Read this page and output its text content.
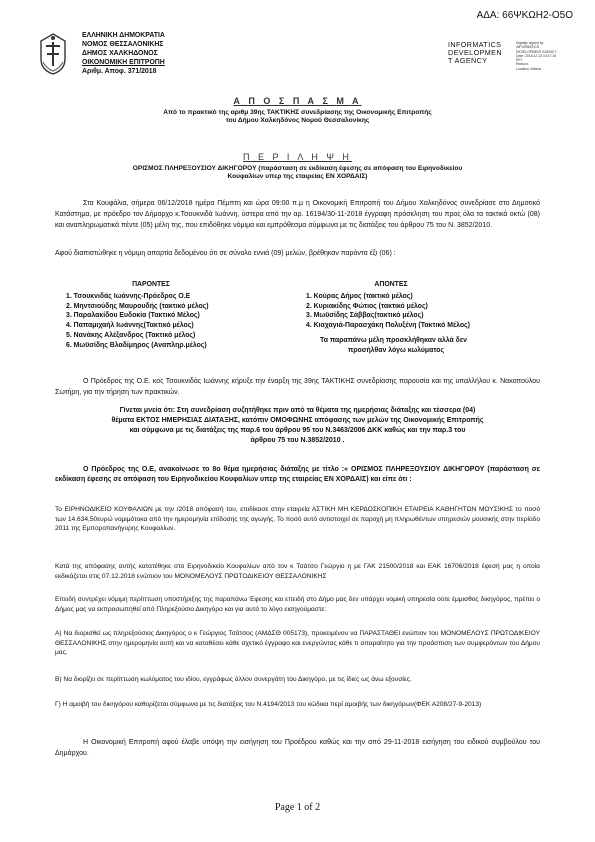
ΑΔΑ: 66ΨΚΩΗ2-Ο5Ο
ΕΛΛΗΝΙΚΗ ΔΗΜΟΚΡΑΤΙΑ
ΝΟΜΟΣ ΘΕΣΣΑΛΟΝΙΚΗΣ
ΔΗΜΟΣ ΧΑΛΚΗΔΟΝΟΣ
ΟΙΚΟΝΟΜΙΚΗ ΕΠΙΤΡΟΠΗ
Αριθμ. Αποφ. 371/2018
INFORMATICS
DEVELOPMEN
T AGENCY
Digitally signed by
INFORMATICS
DEVELOPMENT AGENCY
Date: 2018.12.13 13:17:15
EET
Reason:
Location: Athens
Α Π Ο Σ Π Α Σ Μ Α
Από το πρακτικό της αριθμ 39ης ΤΑΚΤΙΚΗΣ συνεδρίασης της Οικονομικής Επιτροπής
του Δήμου Χαλκηδόνος Νομού Θεσσαλονίκης
Π Ε Ρ Ι Λ Η Ψ Η
ΟΡΙΣΜΟΣ ΠΛΗΡΕΞΟΥΣΙΟΥ ΔΙΚΗΓΟΡΟΥ (παράσταση σε εκδίκαση έφεσης σε απόφαση του Ειρηνοδικείου
Κουφαλίων υπερ της εταιρείας ΕΝ ΧΟΡΔΑΙΣ)
Στα Κουφάλια, σήμερα 06/12/2018 ημέρα Πέμπτη και ώρα 09:00 π.μ η Οικονομική Επιτροπή του Δήμου Χαλκηδόνος συνεδρίασε στο Δημοτικό Κατάστημα, με πρόεδρο τον Δήμαρχο κ.Τσουκνιδά Ιωάννη, ύστερα από την αρ. 16194/30-11-2018 έγγραφη πρόσκληση του προς όλα τα τακτικά οκτώ (08) και αναπληρωματικά πέντε (05) μέλη της, που επιδόθηκε νόμιμα και εμπρόθεσμα σύμφωνα με τις διατάξεις του άρθρου 75 του Ν. 3852/2010.
Αφού διαπιστώθηκε η νόμιμη απαρτία δεδομένου ότι σε σύνολο εννιά (09) μελών, βρέθηκαν παρόντα έξι (06) :
ΠΑΡΟΝΤΕΣ
1. Τσουκνιδάς Ιωάννης-Πρόεδρος Ο.Ε
2. Μηντσιούδης Μαυρουδής (τακτικό μέλος)
3. Παραλακίδου Ευδοκία (Τακτικό Μέλος)
4. Παπαμιχαήλ Ιωάννης(Τακτικό μέλος)
5. Νανάκης Αλέξανδρος (Τακτικό μέλος)
6. Μωϋσίδης Βλαδίμηρος (Αναπληρ.μέλος)
ΑΠΟΝΤΕΣ
1. Κούρας Δήμος (τακτικό μέλος)
2. Κυριακίδης Φώτιος (τακτικό μέλος)
3. Μωϋσίδης Σάββας(τακτικό μέλος)
4. Κιαχαγιά-Παρασχάκη Πολυξένη (Τακτικό Μέλος)
Τα παραπάνω μέλη προσκλήθηκαν αλλά δεν
προσήλθαν λόγω κωλύματος
Ο Πρόεδρος της Ο.Ε. κος Τσουκνιδάς Ιωάννης κήρυξε την έναρξη της 39ης ΤΑΚΤΙΚΗΣ συνεδρίασης παρουσία και της υπαλλήλου κ. Νακοπούλου Σωτήρη, για την τήρηση των πρακτικών.
Γίνεται μνεία ότι: Στη συνεδρίαση συζητήθηκε πριν από τα θέματα της ημερήσιας διάταξης και τέσσερα (04)
θέματα ΕΚΤΟΣ ΗΜΕΡΗΣΙΑΣ ΔΙΑΤΑΞΗΣ, κατόπιν ΟΜΟΦΩΝΗΣ απόφασης των μελών της Οικονομικής Επιτροπής
και σύμφωνα με τις διατάξεις της παρ.6 του άρθρου 95 του Ν.3463/2006 ΔΚΚ καθώς και την παρ.3 του
άρθρου 75 του Ν.3852/2010 .
Ο Πρόεδρος της Ο.Ε, ανακοίνωσε το 8ο θέμα ημερήσιας διάταξης με τίτλο :« ΟΡΙΣΜΟΣ ΠΛΗΡΕΞΟΥΣΙΟΥ ΔΙΚΗΓΟΡΟΥ (παράσταση σε εκδίκαση έφεσης σε απόφαση του Ειρηνοδικείου Κουφαλίων υπερ της εταιρείας ΕΝ ΧΟΡΔΑΙΣ) και είπε ότι :
Το ΕΙΡΗΝΟΔΙΚΕΙΟ ΚΟΥΦΑΛΙΩΝ με την /2018 απόφασή του, επιδίκασε στην εταιρεία ΑΣΤΙΚΗ ΜΗ ΚΕΡΔΟΣΚΟΠΙΚΗ ΕΤΑΙΡΕΙΑ ΚΑΘΗΓΗΤΩΝ ΜΟΥΣΙΚΗΣ το ποσό των 14.634,50ευρώ νομιμότοκα από την ημερομηνία επίδοσης της αγωγής. Το ποσό αυτό αντιστοιχεί σε παροχή μη πληρωθέντων υπηρεσιών μουσικής στην περίοδο 2011 της Εμποροπανήγυρης Κουφαλίων.
Κατά της απόφασης αυτής κατατέθηκε στο Ειρηνοδικείο Κουφαλίων από τον κ Τσάτσο Γεώργιο η με ΓΑΚ 21500/2018 και ΕΑΚ 16706/2018 έφεσή μας η οποία εκδικάζεται στις 07.12.2018 ενώπιον του ΜΟΝΟΜΕΛΟΥΣ ΠΡΩΤΟΔΙΚΕΙΟΥ ΘΕΣΣΑΛΟΝΙΚΗΣ
Επειδή συντρέχει νόμιμη περίπτωση υποστήριξης της παραπάνω Έφεσης και επειδή στο Δήμο μας δεν υπάρχει νομική υπηρεσία ούτε έμμισθος δικηγόρος, πρέπει ο Δήμος μας να εκπροσωπηθεί από Πληρεξούσιο Δικηγόρο και για αυτό το λόγο εισηγούμαστε:
Α) Να διορισθεί ως πληρεξούσιος Δικηγόρος ο κ Γεώργιος Τσάτσος (ΑΜΔΣΘ 005173), προκειμένου να ΠΑΡΑΣΤΑΘΕΙ ενώπιον του ΜΟΝΟΜΕΛΟΥΣ ΠΡΩΤΟΔΙΚΕΙΟΥ ΘΕΣΣΑΛΟΝΙΚΗΣ στην ημερομηνία αυτή και να καταθέσει κάθε σχετικό έγγραφο και ενεργώντας κάθε τι απαραίτητο για την προάσπιση των συμφερόντων του Δήμου μας.
Β) Να διορίζει σε περίπτωση κωλύματος του ιδίου, εγγράφως άλλον συνεργάτη του Δικηγόρο, με τις ίδιες ως άνω εξουσίες.
Γ) Η αμοιβή του δικηγόρου καθορίζεται σύμφωνα με τις διατάξεις του Ν.4194/2013 του κώδικα περί αμοιβής των δικηγόρων(ΦΕΚ Α208/27-9-2013)
Η Οικονομική Επιτροπή αφού έλαβε υπόψη την εισήγηση του Προέδρου καθώς και την από 29-11-2018 εισήγηση του ειδικού συμβούλου του Δημάρχου.
Page 1 of 2
